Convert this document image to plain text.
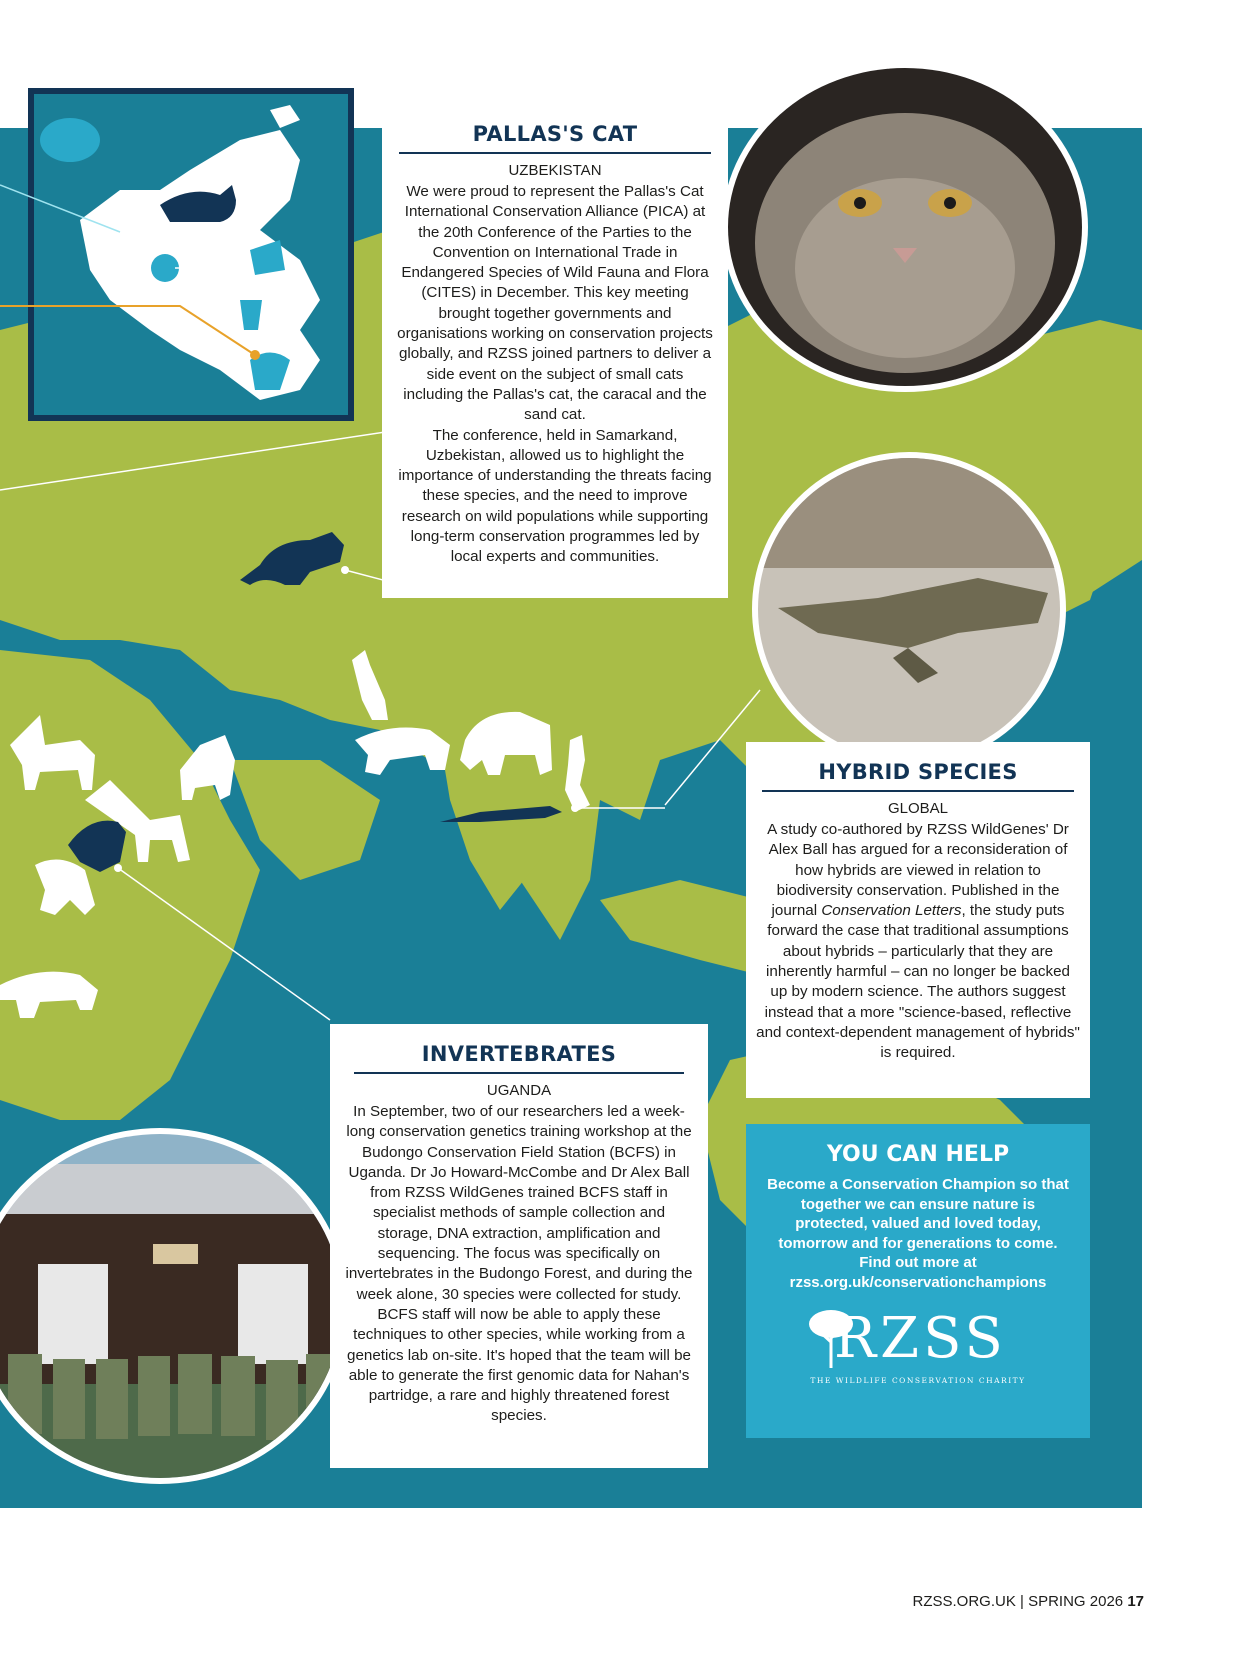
PALLAS'S CAT
UZBEKISTAN

We were proud to represent the Pallas's Cat International Conservation Alliance (PICA) at the 20th Conference of the Parties to the Convention on International Trade in Endangered Species of Wild Fauna and Flora (CITES) in December. This key meeting brought together governments and organisations working on conservation projects globally, and RZSS joined partners to deliver a side event on the subject of small cats including the Pallas's cat, the caracal and the sand cat.

The conference, held in Samarkand, Uzbekistan, allowed us to highlight the importance of understanding the threats facing these species, and the need to improve research on wild populations while supporting long-term conservation programmes led by local experts and communities.

HYBRID SPECIES
GLOBAL

A study co-authored by RZSS WildGenes' Dr Alex Ball has argued for a reconsideration of how hybrids are viewed in relation to biodiversity conservation. Published in the journal Conservation Letters, the study puts forward the case that traditional assumptions about hybrids – particularly that they are inherently harmful – can no longer be backed up by modern science. The authors suggest instead that a more "science-based, reflective and context-dependent management of hybrids" is required.

INVERTEBRATES
UGANDA

In September, two of our researchers led a week-long conservation genetics training workshop at the Budongo Conservation Field Station (BCFS) in Uganda. Dr Jo Howard-McCombe and Dr Alex Ball from RZSS WildGenes trained BCFS staff in specialist methods of sample collection and storage, DNA extraction, amplification and sequencing. The focus was specifically on invertebrates in the Budongo Forest, and during the week alone, 30 species were collected for study.

BCFS staff will now be able to apply these techniques to other species, while working from a genetics lab on-site. It's hoped that the team will be able to generate the first genomic data for Nahan's partridge, a rare and highly threatened forest species.

YOU CAN HELP

Become a Conservation Champion so that together we can ensure nature is protected, valued and loved today, tomorrow and for generations to come.
Find out more at
rzss.org.uk/conservationchampions

RZSS
THE WILDLIFE CONSERVATION CHARITY
RZSS.ORG.UK | SPRING 2026 17
